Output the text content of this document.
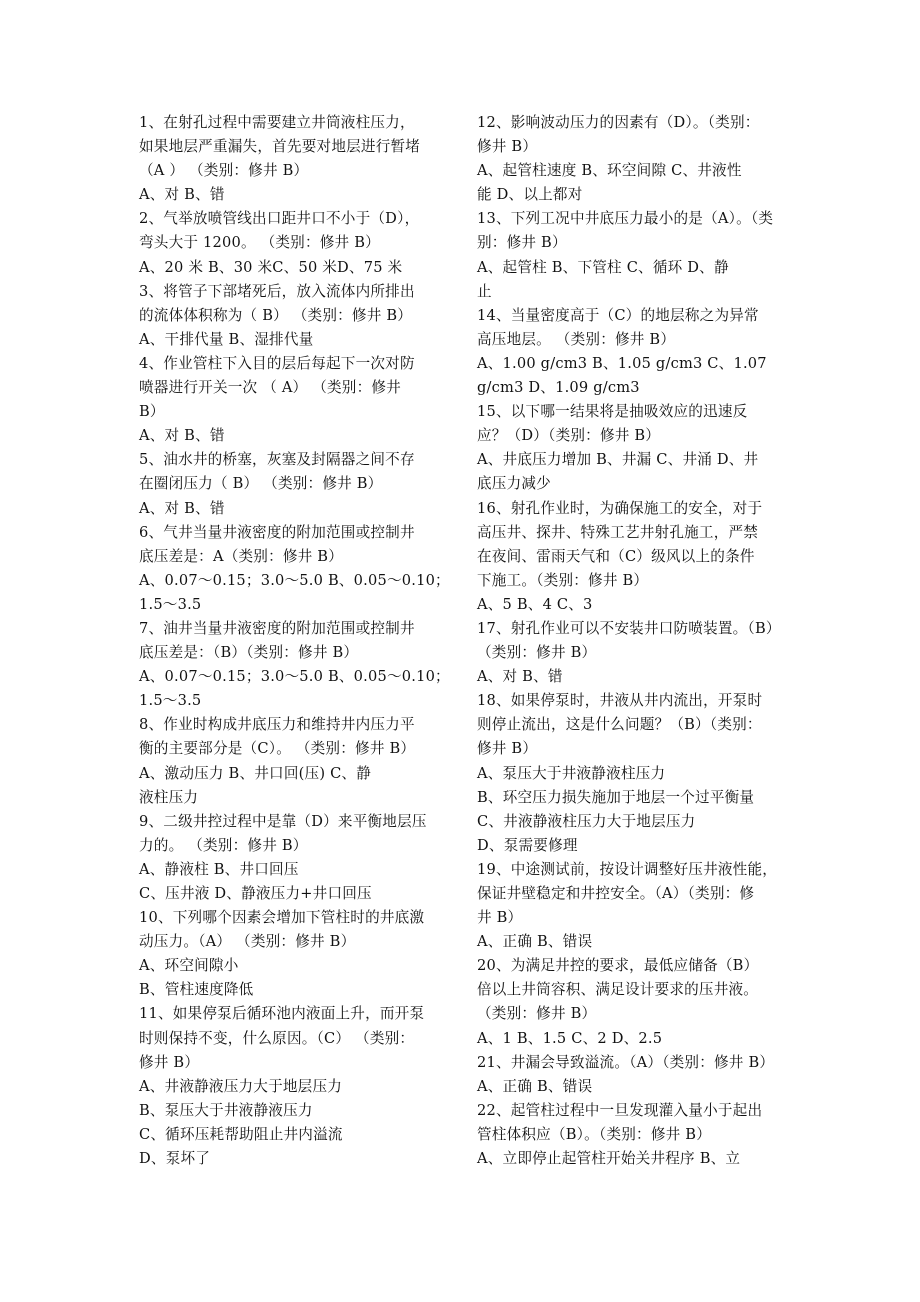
1、在射孔过程中需要建立井筒液柱压力，
如果地层严重漏失，首先要对地层进行暂堵
（A ） （类别：修井 B）
A、对 B、错
2、气举放喷管线出口距井口不小于（D），
弯头大于 1200。 （类别：修井 B）
A、20 米 B、30 米C、50 米D、75 米
3、将管子下部堵死后，放入流体内所排出
的流体体积称为（ B） （类别：修井 B）
A、干排代量 B、湿排代量
4、作业管柱下入目的层后每起下一次对防
喷器进行开关一次 （ A） （类别：修井
B）
A、对 B、错
5、油水井的桥塞，灰塞及封隔器之间不存
在圈闭压力（ B） （类别：修井 B）
A、对 B、错
6、气井当量井液密度的附加范围或控制井
底压差是：A（类别：修井 B）
A、0.07～0.15；3.0～5.0 B、0.05～0.10；
1.5～3.5
7、油井当量井液密度的附加范围或控制井
底压差是：（B）（类别：修井 B）
A、0.07～0.15；3.0～5.0 B、0.05～0.10；
1.5～3.5
8、作业时构成井底压力和维持井内压力平
衡的主要部分是（C）。 （类别：修井 B）
A、激动压力 B、井口回(压) C、静
液柱压力
9、二级井控过程中是靠（D）来平衡地层压
力的。 （类别：修井 B）
A、静液柱 B、井口回压
C、压井液 D、静液压力+井口回压
10、下列哪个因素会增加下管柱时的井底激
动压力。（A） （类别：修井 B）
A、环空间隙小
B、管柱速度降低
11、如果停泵后循环池内液面上升，而开泵
时则保持不变，什么原因。（C） （类别：
修井 B）
A、井液静液压力大于地层压力
B、泵压大于井液静液压力
C、循环压耗帮助阻止井内溢流
D、泵坏了
12、影响波动压力的因素有（D）。（类别：
修井 B）
A、起管柱速度 B、环空间隙 C、井液性
能 D、以上都对
13、下列工况中井底压力最小的是（A）。（类
别：修井 B）
A、起管柱 B、下管柱 C、循环 D、静
止
14、当量密度高于（C）的地层称之为异常
高压地层。 （类别：修井 B）
A、1.00 g/cm3 B、1.05 g/cm3 C、1.07
g/cm3 D、1.09 g/cm3
15、以下哪一结果将是抽吸效应的迅速反
应？（D）（类别：修井 B）
A、井底压力增加 B、井漏 C、井涌 D、井
底压力减少
16、射孔作业时，为确保施工的安全，对于
高压井、探井、特殊工艺井射孔施工，严禁
在夜间、雷雨天气和（C）级风以上的条件
下施工。（类别：修井 B）
A、5 B、4 C、3
17、射孔作业可以不安装井口防喷装置。（B）
（类别：修井 B）
A、对 B、错
18、如果停泵时，井液从井内流出，开泵时
则停止流出，这是什么问题？（B）（类别：
修井 B）
A、泵压大于井液静液柱压力
B、环空压力损失施加于地层一个过平衡量
C、井液静液柱压力大于地层压力
D、泵需要修理
19、中途测试前，按设计调整好压井液性能，
保证井壁稳定和井控安全。（A）（类别：修
井 B）
A、正确 B、错误
20、为满足井控的要求，最低应储备（B）
倍以上井筒容积、满足设计要求的压井液。
（类别：修井 B）
A、1 B、1.5 C、2 D、2.5
21、井漏会导致溢流。（A）（类别：修井 B）
A、正确 B、错误
22、起管柱过程中一旦发现灌入量小于起出
管柱体积应（B）。（类别：修井 B）
A、立即停止起管柱开始关井程序 B、立
